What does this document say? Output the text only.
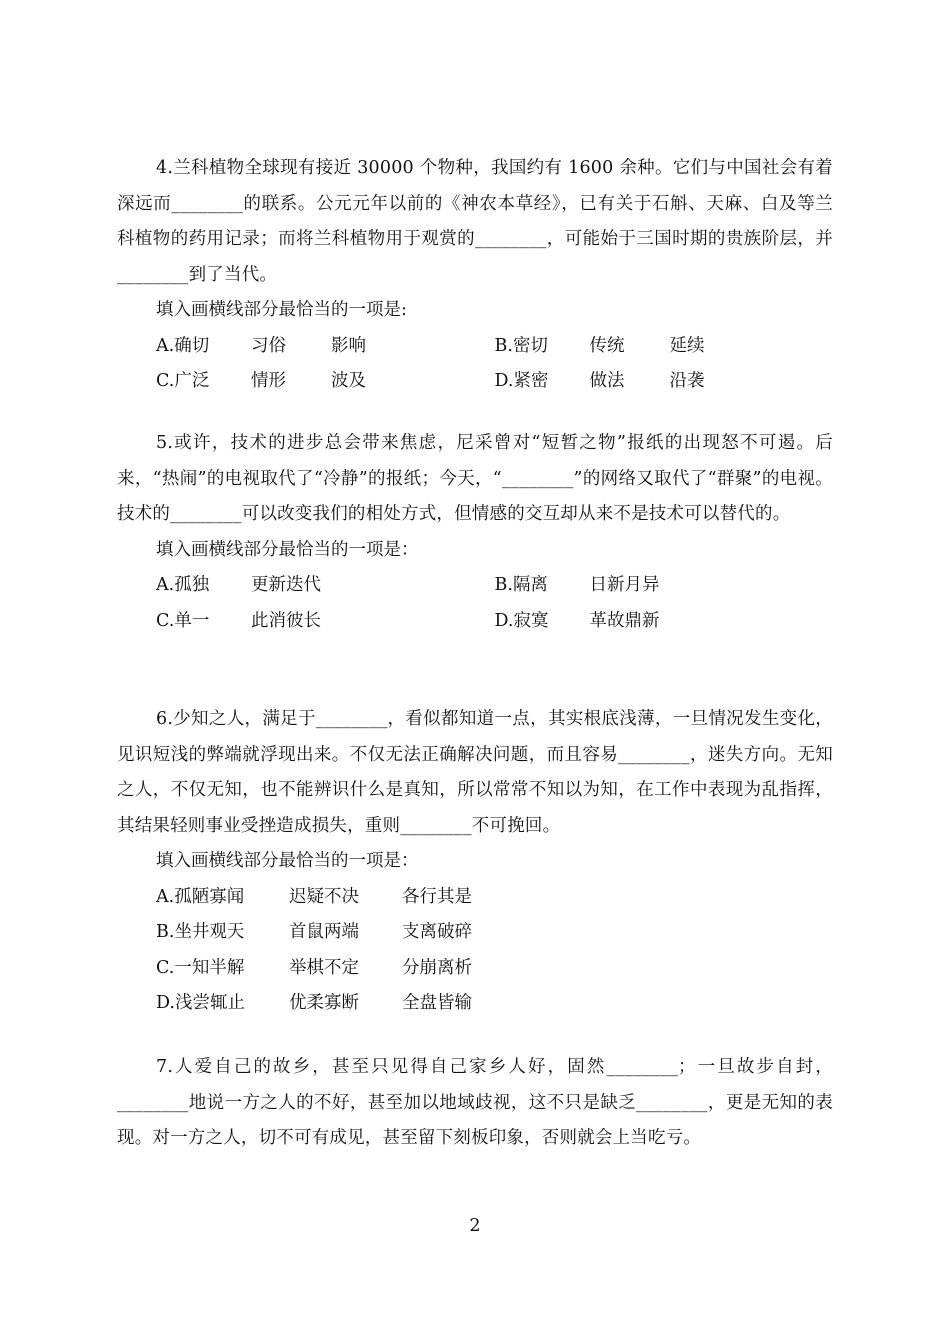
4.兰科植物全球现有接近 30000 个物种，我国约有 1600 余种。它们与中国社会有着深远而________的联系。公元元年以前的《神农本草经》，已有关于石斛、天麻、白及等兰科植物的药用记录；而将兰科植物用于观赏的________，可能始于三国时期的贵族阶层，并________到了当代。

填入画横线部分最恰当的一项是:

A.确切	习俗	影响	B.密切	传统	延续
C.广泛	情形	波及	D.紧密	做法	沿袭

5.或许，技术的进步总会带来焦虑，尼采曾对“短暂之物”报纸的出现怒不可遏。后来，“热闹”的电视取代了“冷静”的报纸；今天，“________”的网络又取代了“群聚”的电视。技术的________可以改变我们的相处方式，但情感的交互却从来不是技术可以替代的。

填入画横线部分最恰当的一项是：

A.孤独	更新迭代	B.隔离	日新月异
C.单一	此消彼长	D.寂寞	革故鼎新

6.少知之人，满足于________，看似都知道一点，其实根底浅薄，一旦情况发生变化，见识短浅的弊端就浮现出来。不仅无法正确解决问题，而且容易________，迷失方向。无知之人，不仅无知，也不能辨识什么是真知，所以常常不知以为知，在工作中表现为乱指挥，其结果轻则事业受挫造成损失，重则________不可挽回。

填入画横线部分最恰当的一项是：

A.孤陋寡闻	迟疑不决	各行其是
B.坐井观天	首鼠两端	支离破碎
C.一知半解	举棋不定	分崩离析
D.浅尝辄止	优柔寡断	全盘皆输

7.人爱自己的故乡，甚至只见得自己家乡人好，固然________；一旦故步自封，________地说一方之人的不好，甚至加以地域歧视，这不只是缺乏________，更是无知的表现。对一方之人，切不可有成见，甚至留下刻板印象，否则就会上当吃亏。

2
